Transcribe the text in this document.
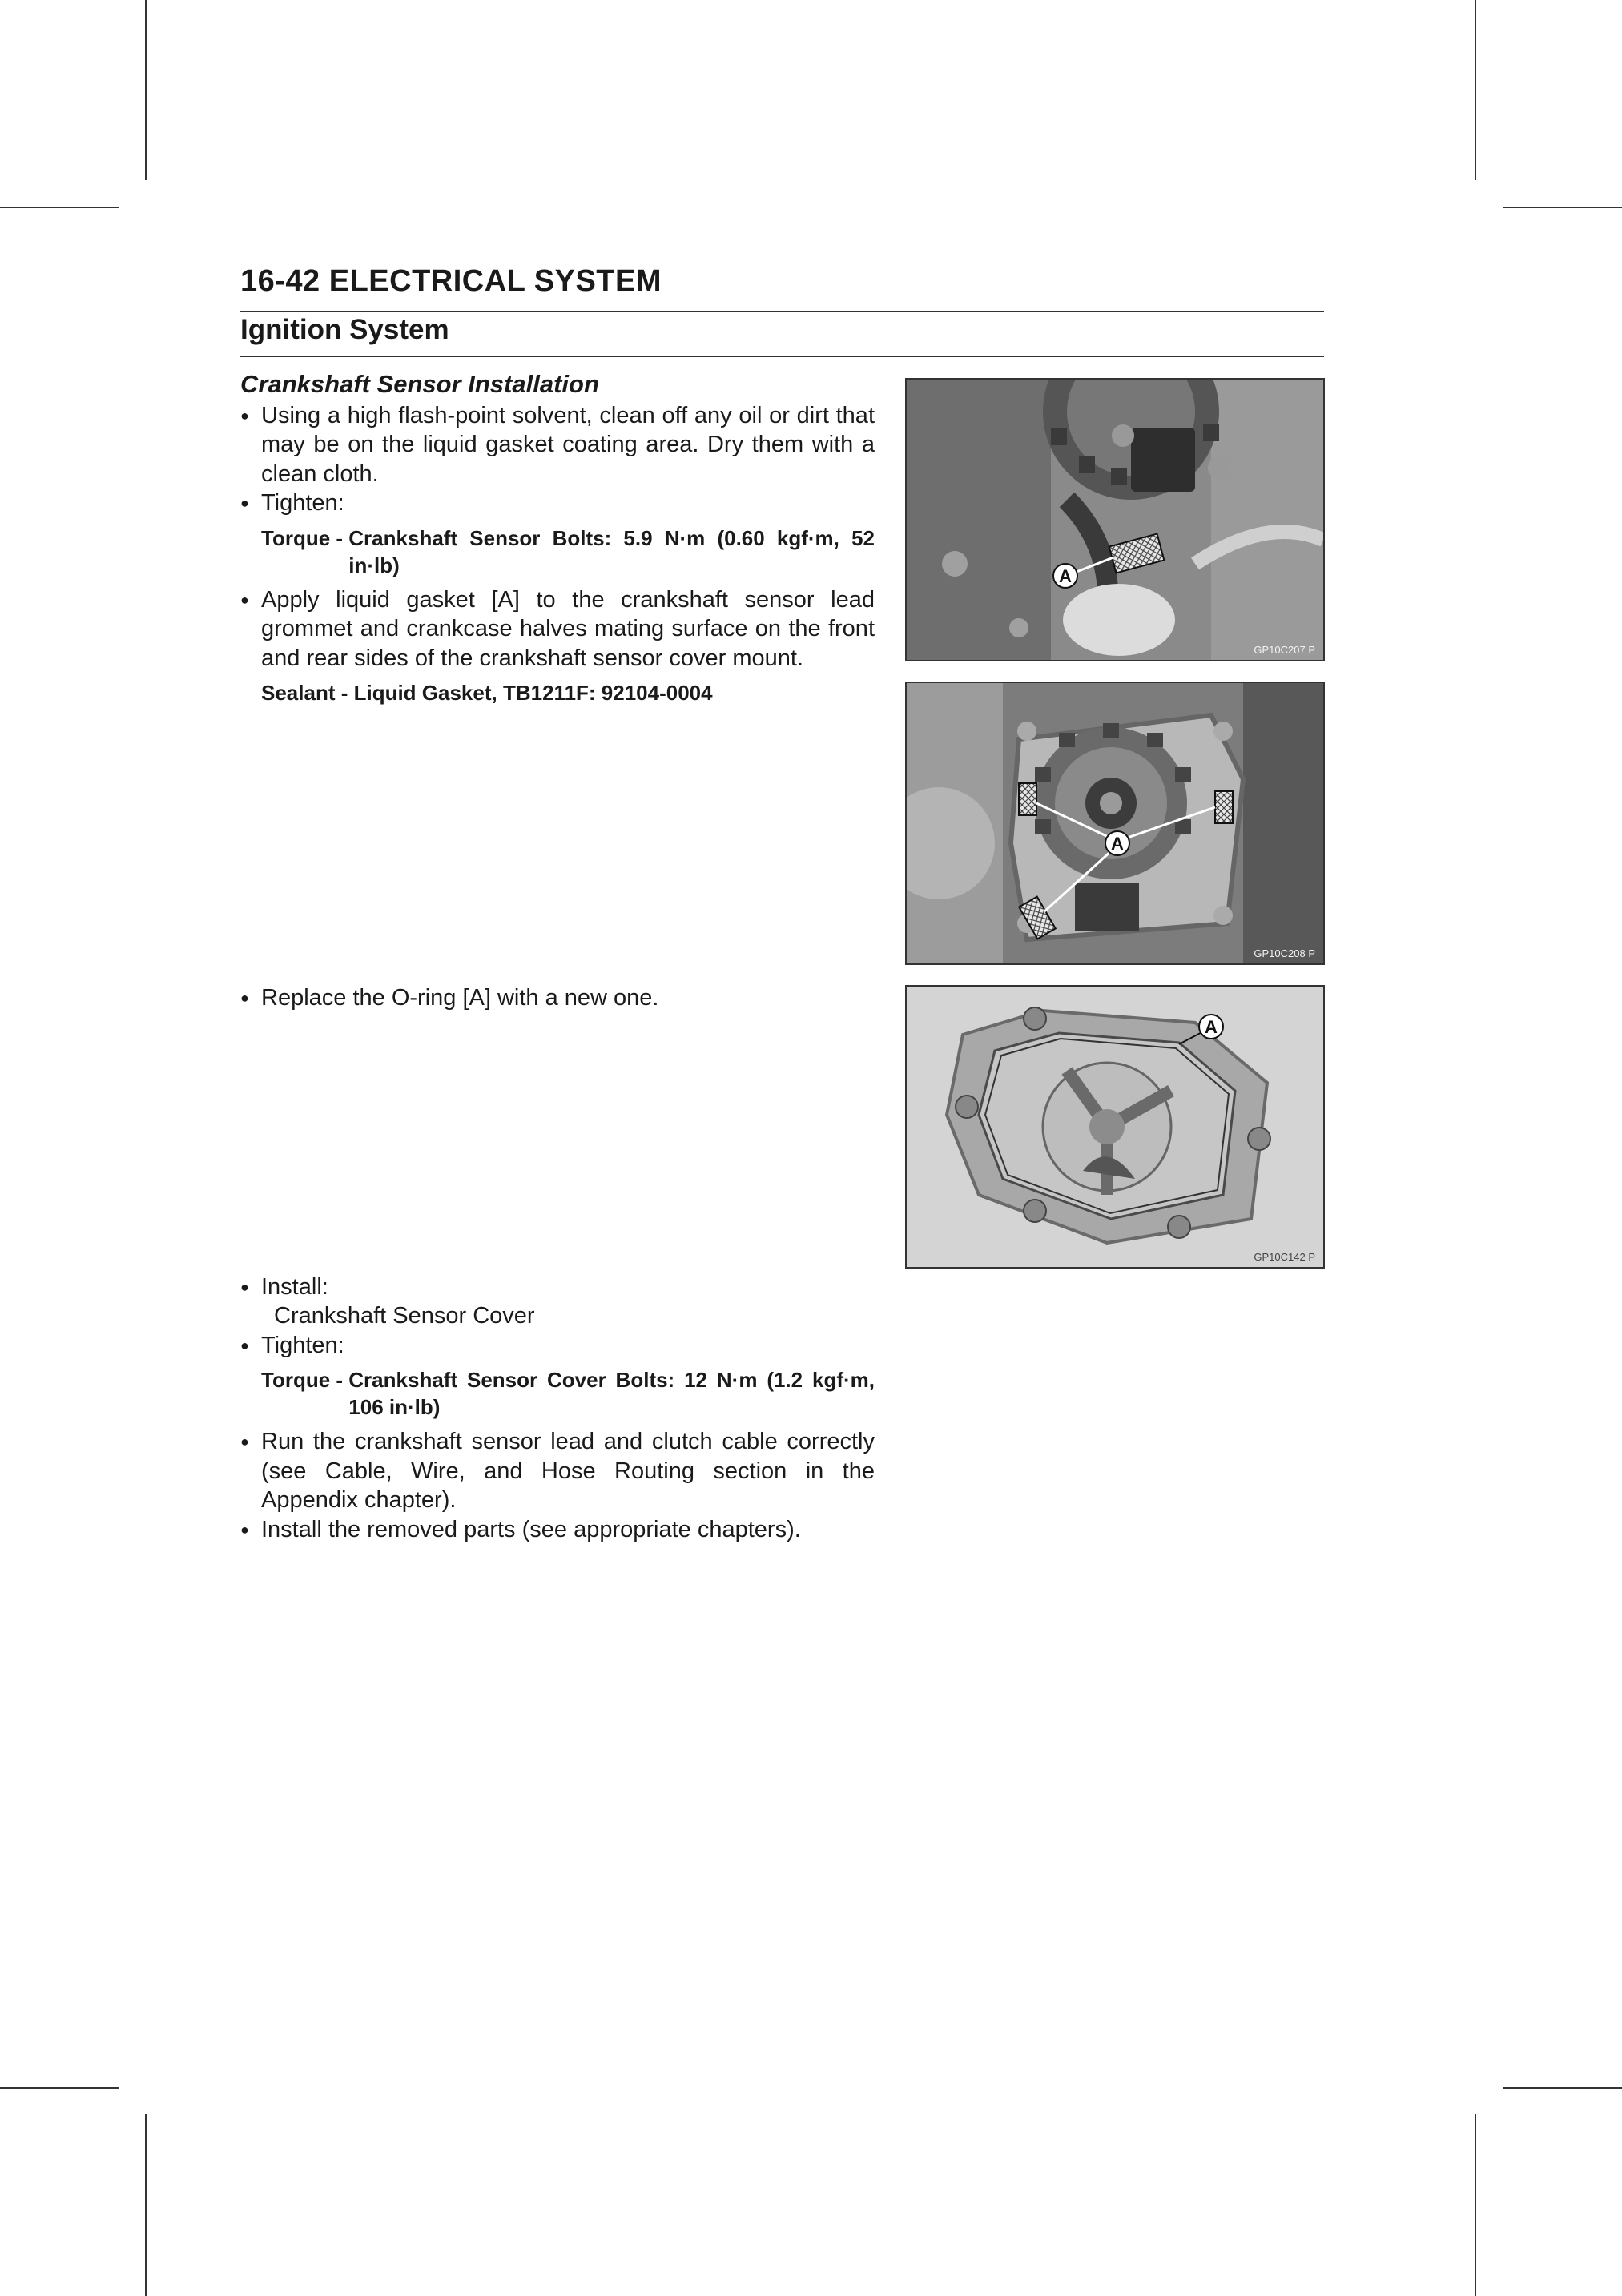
16-42 ELECTRICAL SYSTEM
Ignition System
Crankshaft Sensor Installation
● Using a high flash-point solvent, clean off any oil or dirt that may be on the liquid gasket coating area. Dry them with a clean cloth.
● Tighten:
Torque - Crankshaft Sensor Bolts: 5.9 N·m (0.60 kgf·m, 52 in·lb)
● Apply liquid gasket [A] to the crankshaft sensor lead grommet and crankcase halves mating surface on the front and rear sides of the crankshaft sensor cover mount.
Sealant - Liquid Gasket, TB1211F: 92104-0004
● Replace the O-ring [A] with a new one.
● Install:
Crankshaft Sensor Cover
● Tighten:
Torque - Crankshaft Sensor Cover Bolts: 12 N·m (1.2 kgf·m, 106 in·lb)
● Run the crankshaft sensor lead and clutch cable correctly (see Cable, Wire, and Hose Routing section in the Appendix chapter).
● Install the removed parts (see appropriate chapters).
A
GP10C207 P
A
GP10C208 P
A
GP10C142 P
